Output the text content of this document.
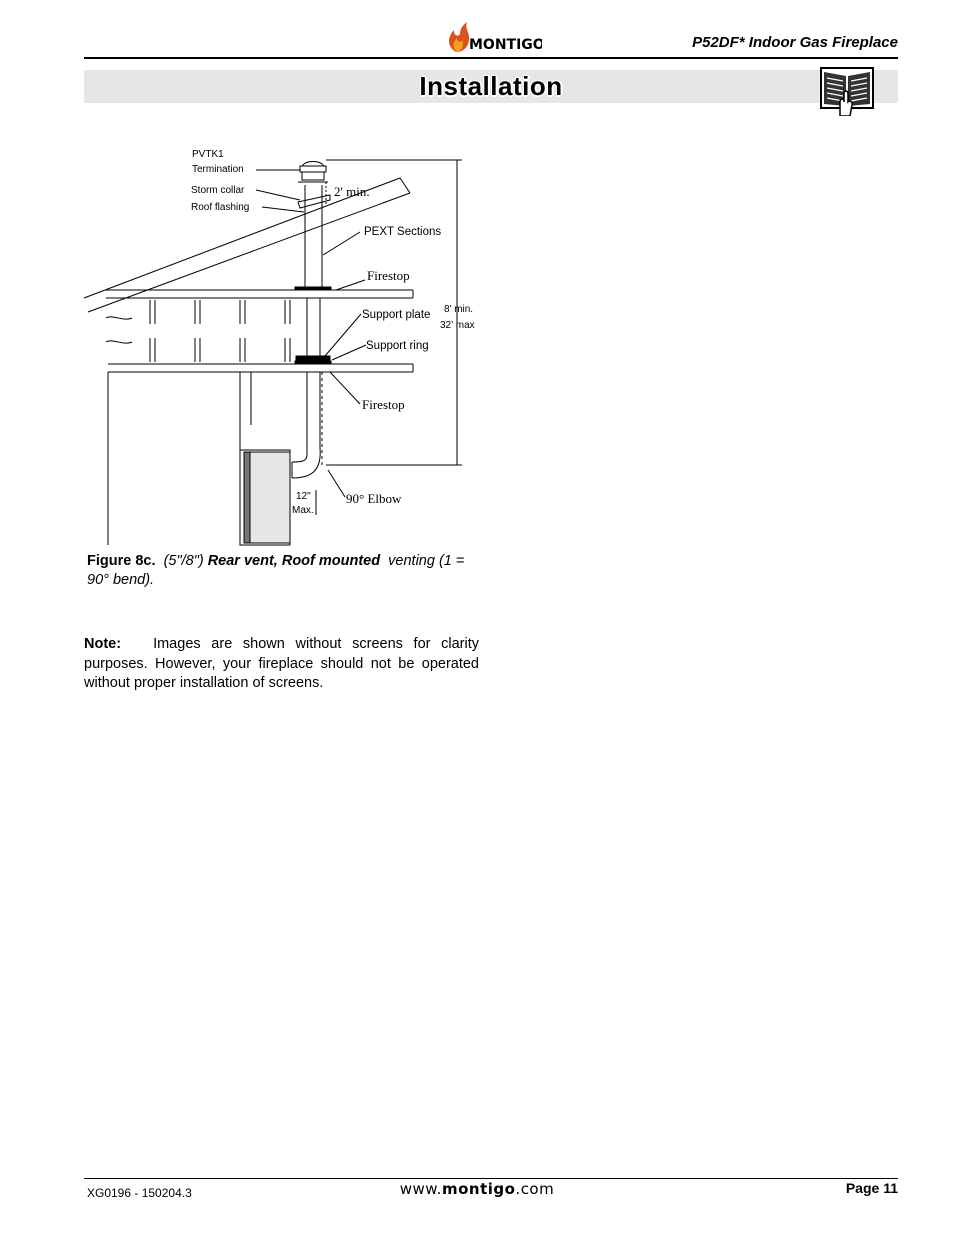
MONTIGO	P52DF* Indoor Gas Fireplace
Installation
PVTK1
Termination
Storm collar
Roof flashing
2' min.
PEXT Sections
Firestop
Support plate 8’ min.
32’ max
Support ring
Firestop
12"
Max.
90° Elbow
Figure 8c. (5"/8") Rear vent, Roof mounted venting (1 = 90° bend).
Note: Images are shown without screens for clarity purposes. However, your fireplace should not be operated without proper installation of screens.
XG0196 - 150204.3	www.montigo.com	Page 11
